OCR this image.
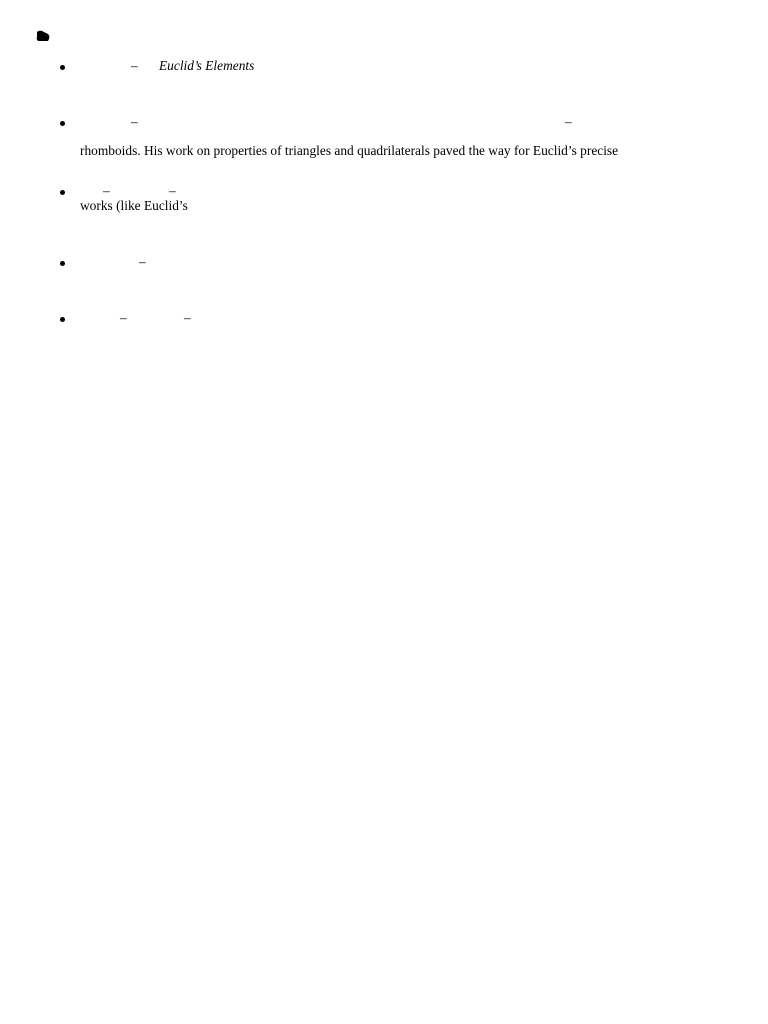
– Euclid’s Elements
–	–
rhomboids. His work on properties of triangles and quadrilaterals paved the way for Euclid’s precise
–	–
works (like Euclid’s
–
–	–
